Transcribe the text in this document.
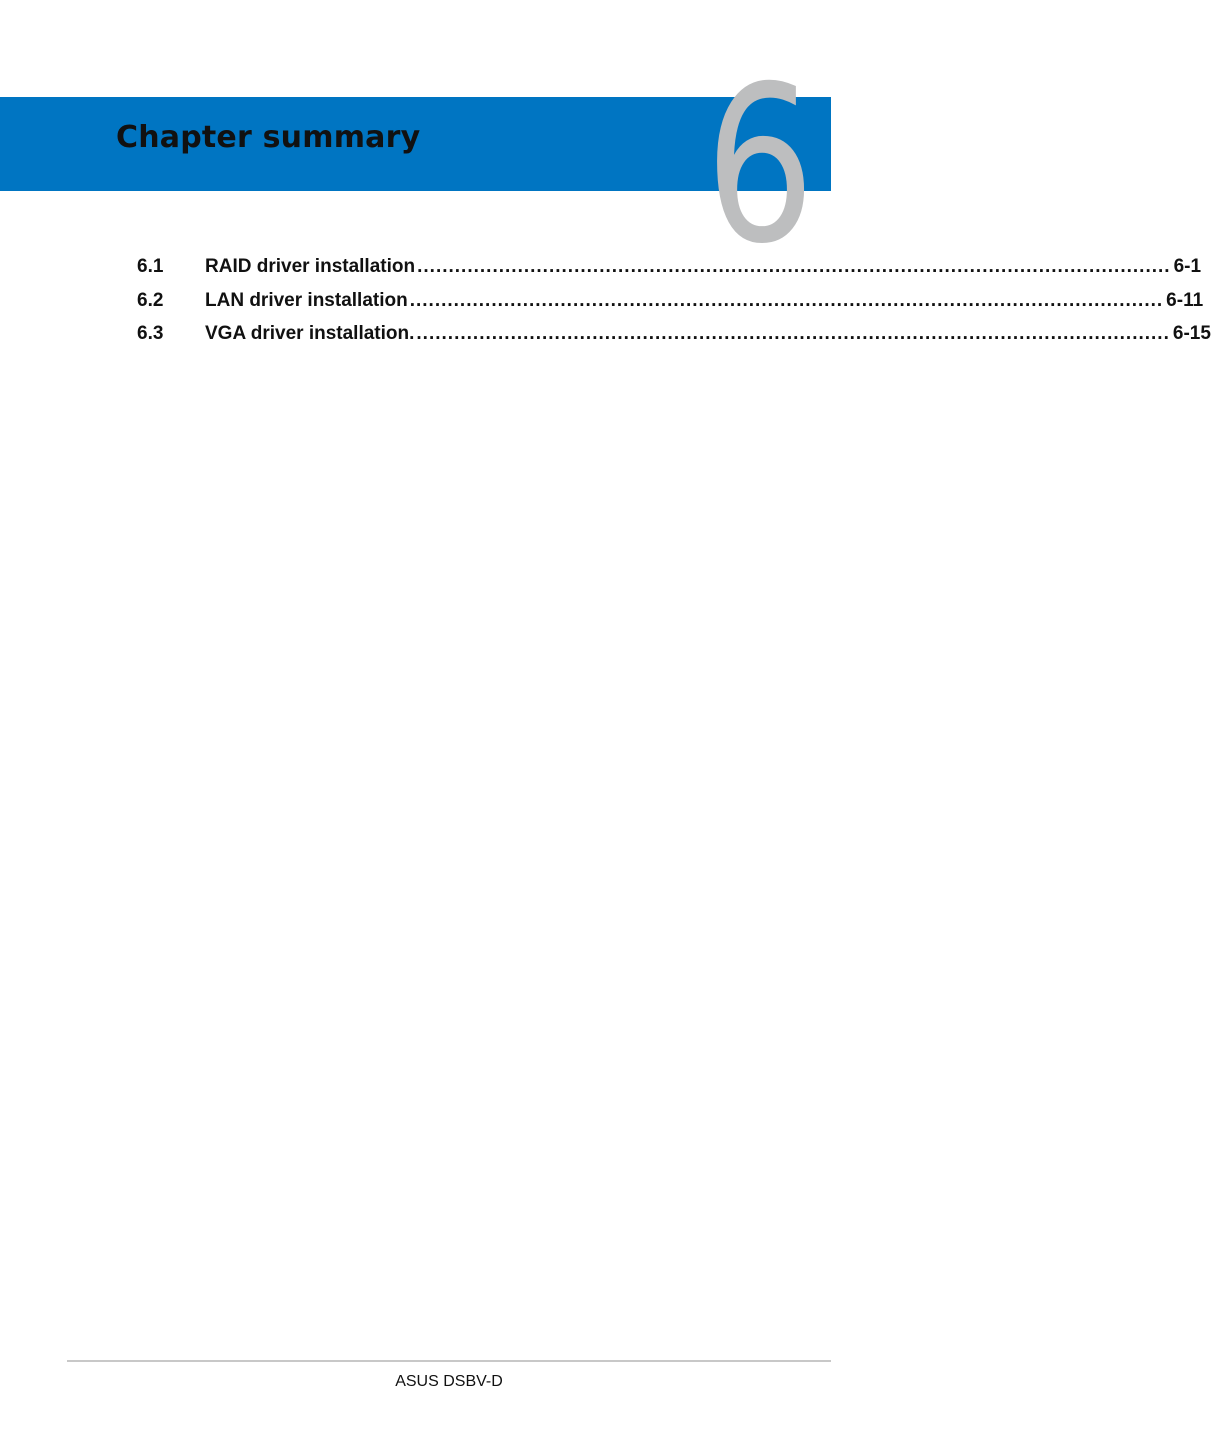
Chapter summary 6
6.1	RAID driver installation ........................................................................................................................ 6-1
6.2	LAN driver installation ........................................................................................................................ 6-11
6.3	VGA driver installation. ........................................................................................................................ 6-15
ASUS DSBV-D
